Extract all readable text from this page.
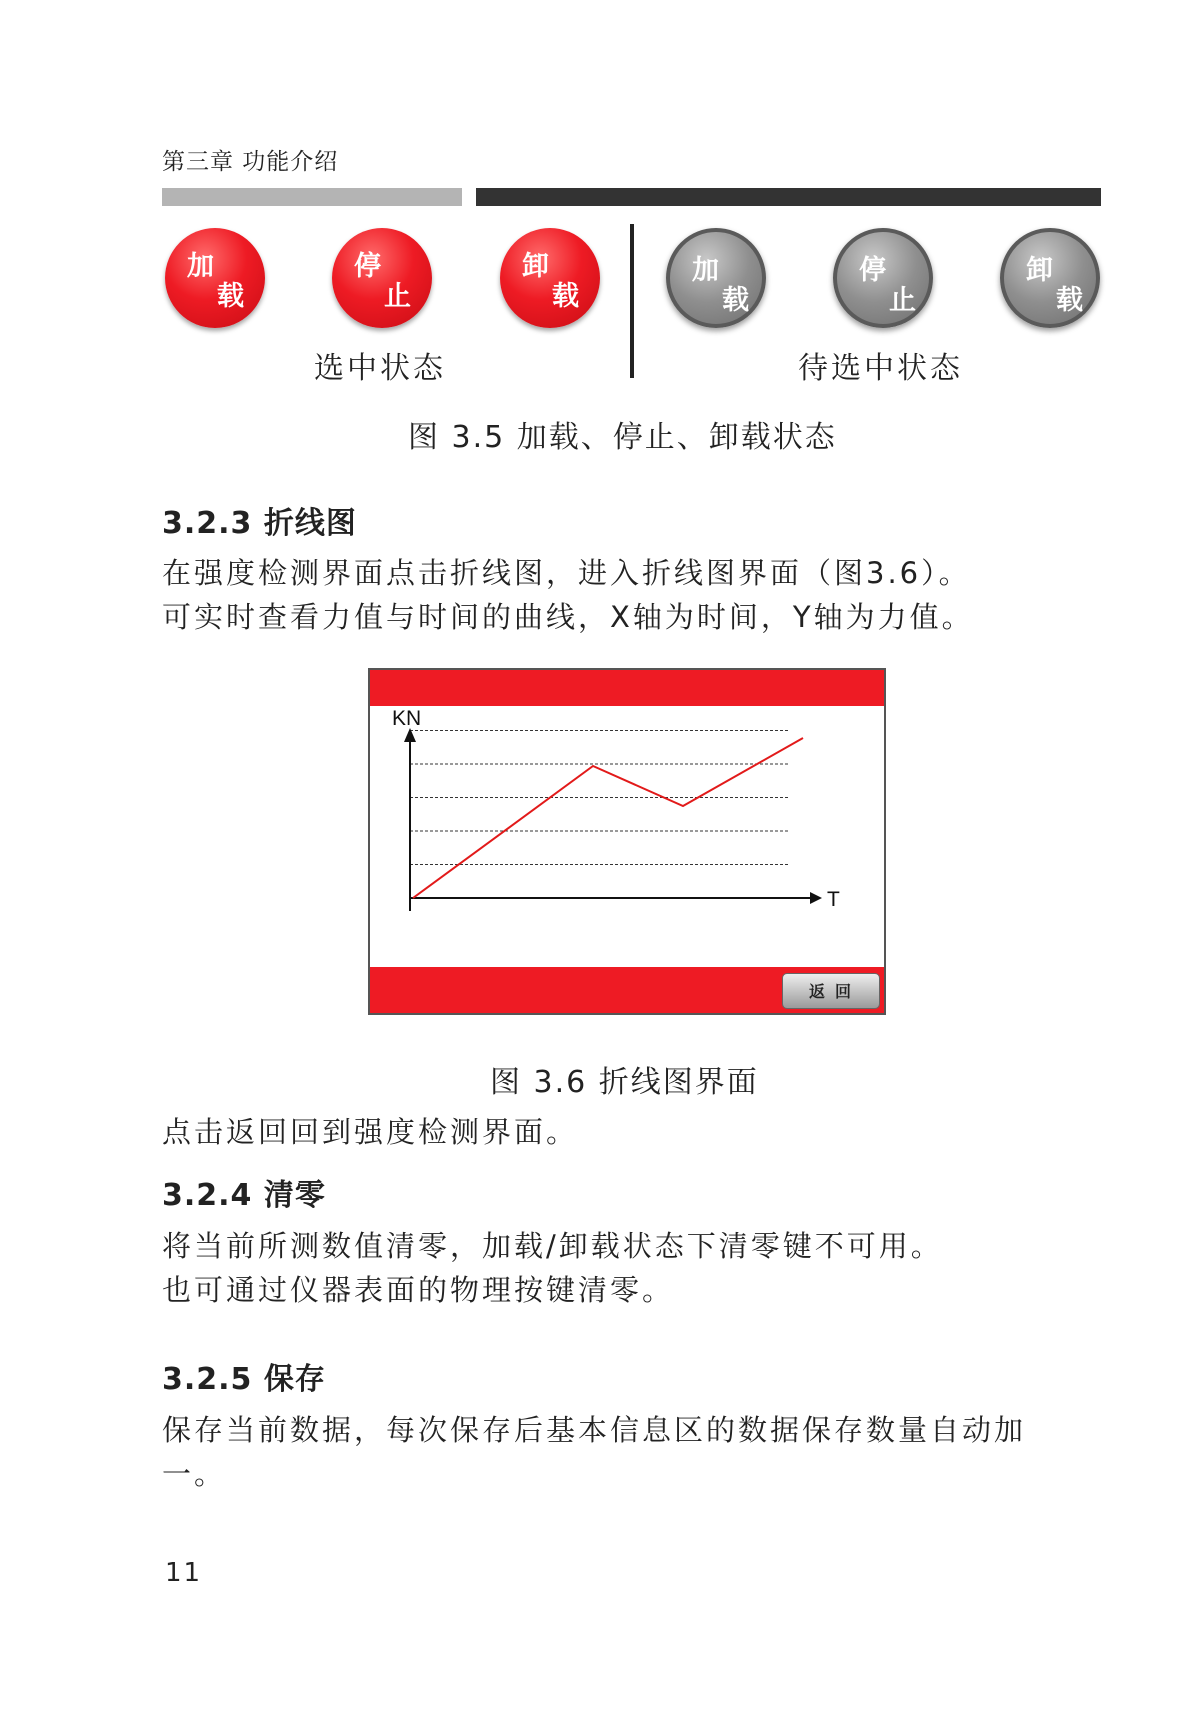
第三章 功能介绍
加
载
停
止
卸
载
加
载
停
止
卸
载
选中状态	待选中状态
图 3.5 加载、停止、卸载状态
3.2.3 折线图
在强度检测界面点击折线图，进入折线图界面（图3.6）。
可实时查看力值与时间的曲线，X轴为时间，Y轴为力值。
KN
T
返回
图 3.6 折线图界面
点击返回回到强度检测界面。
3.2.4 清零
将当前所测数值清零，加载/卸载状态下清零键不可用。
也可通过仪器表面的物理按键清零。
3.2.5 保存
保存当前数据，每次保存后基本信息区的数据保存数量自动加
一。
11
